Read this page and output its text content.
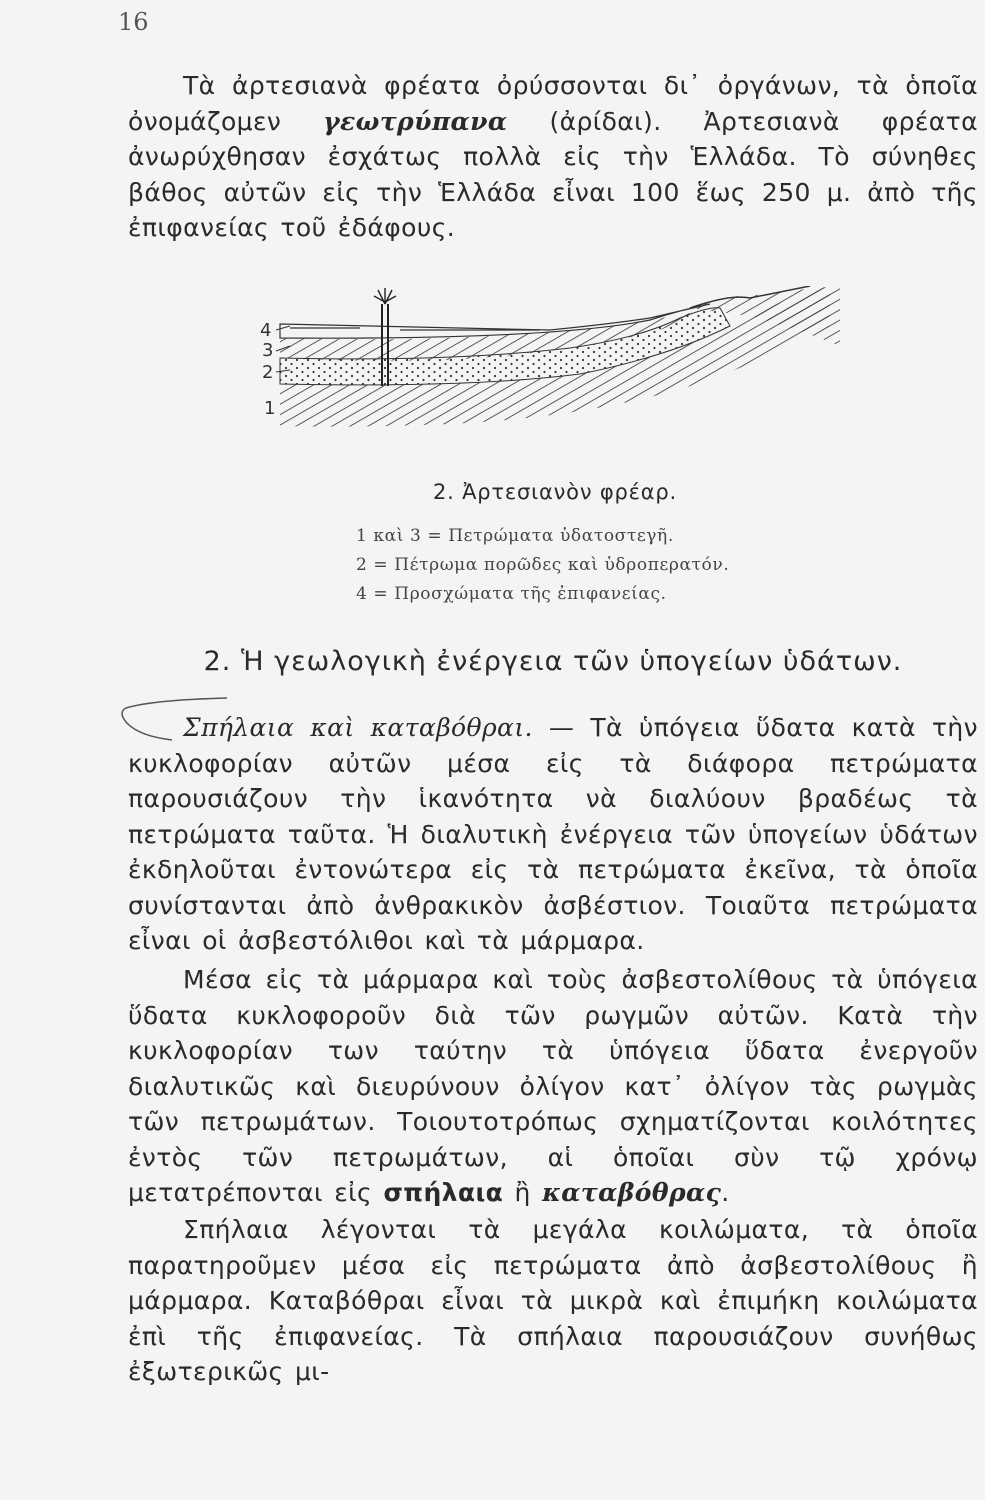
16

Τὰ ἀρτεσιανὰ φρέατα ὀρύσσονται δι᾿ ὀργάνων, τὰ ὁποῖα ὀνομάζομεν γεωτρύπανα (ἀρίδαι). Ἀρτεσιανὰ φρέατα ἀνωρύχθησαν ἐσχάτως πολλὰ εἰς τὴν Ἑλλάδα. Τὸ σύνηθες βάθος αὐτῶν εἰς τὴν Ἑλλάδα εἶναι 100 ἕως 250 μ. ἀπὸ τῆς ἐπιφανείας τοῦ ἐδάφους.

4
3
2
1
2. Ἀρτεσιανὸν φρέαρ.
1 καὶ 3 = Πετρώματα ὑδατοστεγῆ.
2 = Πέτρωμα πορῶδες καὶ ὑδροπερατόν.
4 = Προσχώματα τῆς ἐπιφανείας.
2. Ἡ γεωλογικὴ ἐνέργεια τῶν ὑπογείων ὑδάτων.

Σπήλαια καὶ καταβόθραι. — Τὰ ὑπόγεια ὕδατα κατὰ τὴν κυκλοφορίαν αὐτῶν μέσα εἰς τὰ διάφορα πετρώματα παρουσιάζουν τὴν ἱκανότητα νὰ διαλύουν βραδέως τὰ πετρώματα ταῦτα. Ἡ διαλυτικὴ ἐνέργεια τῶν ὑπογείων ὑδάτων ἐκδηλοῦται ἐντονώτερα εἰς τὰ πετρώματα ἐκεῖνα, τὰ ὁποῖα συνίστανται ἀπὸ ἀνθρακικὸν ἀσβέστιον. Τοιαῦτα πετρώματα εἶναι οἱ ἀσβεστόλιθοι καὶ τὰ μάρμαρα.

Μέσα εἰς τὰ μάρμαρα καὶ τοὺς ἀσβεστολίθους τὰ ὑπόγεια ὕδατα κυκλοφοροῦν διὰ τῶν ρωγμῶν αὐτῶν. Κατὰ τὴν κυκλοφορίαν των ταύτην τὰ ὑπόγεια ὕδατα ἐνεργοῦν διαλυτικῶς καὶ διευρύνουν ὀλίγον κατ᾿ ὀλίγον τὰς ρωγμὰς τῶν πετρωμάτων. Τοιουτοτρόπως σχηματίζονται κοιλότητες ἐντὸς τῶν πετρωμάτων, αἱ ὁποῖαι σὺν τῷ χρόνῳ μετατρέπονται εἰς σπήλαια ἢ καταβόθρας.

Σπήλαια λέγονται τὰ μεγάλα κοιλώματα, τὰ ὁποῖα παρατηροῦμεν μέσα εἰς πετρώματα ἀπὸ ἀσβεστολίθους ἢ μάρμαρα. Καταβόθραι εἶναι τὰ μικρὰ καὶ ἐπιμήκη κοιλώματα ἐπὶ τῆς ἐπιφανείας. Τὰ σπήλαια παρουσιάζουν συνήθως ἐξωτερικῶς μι-
